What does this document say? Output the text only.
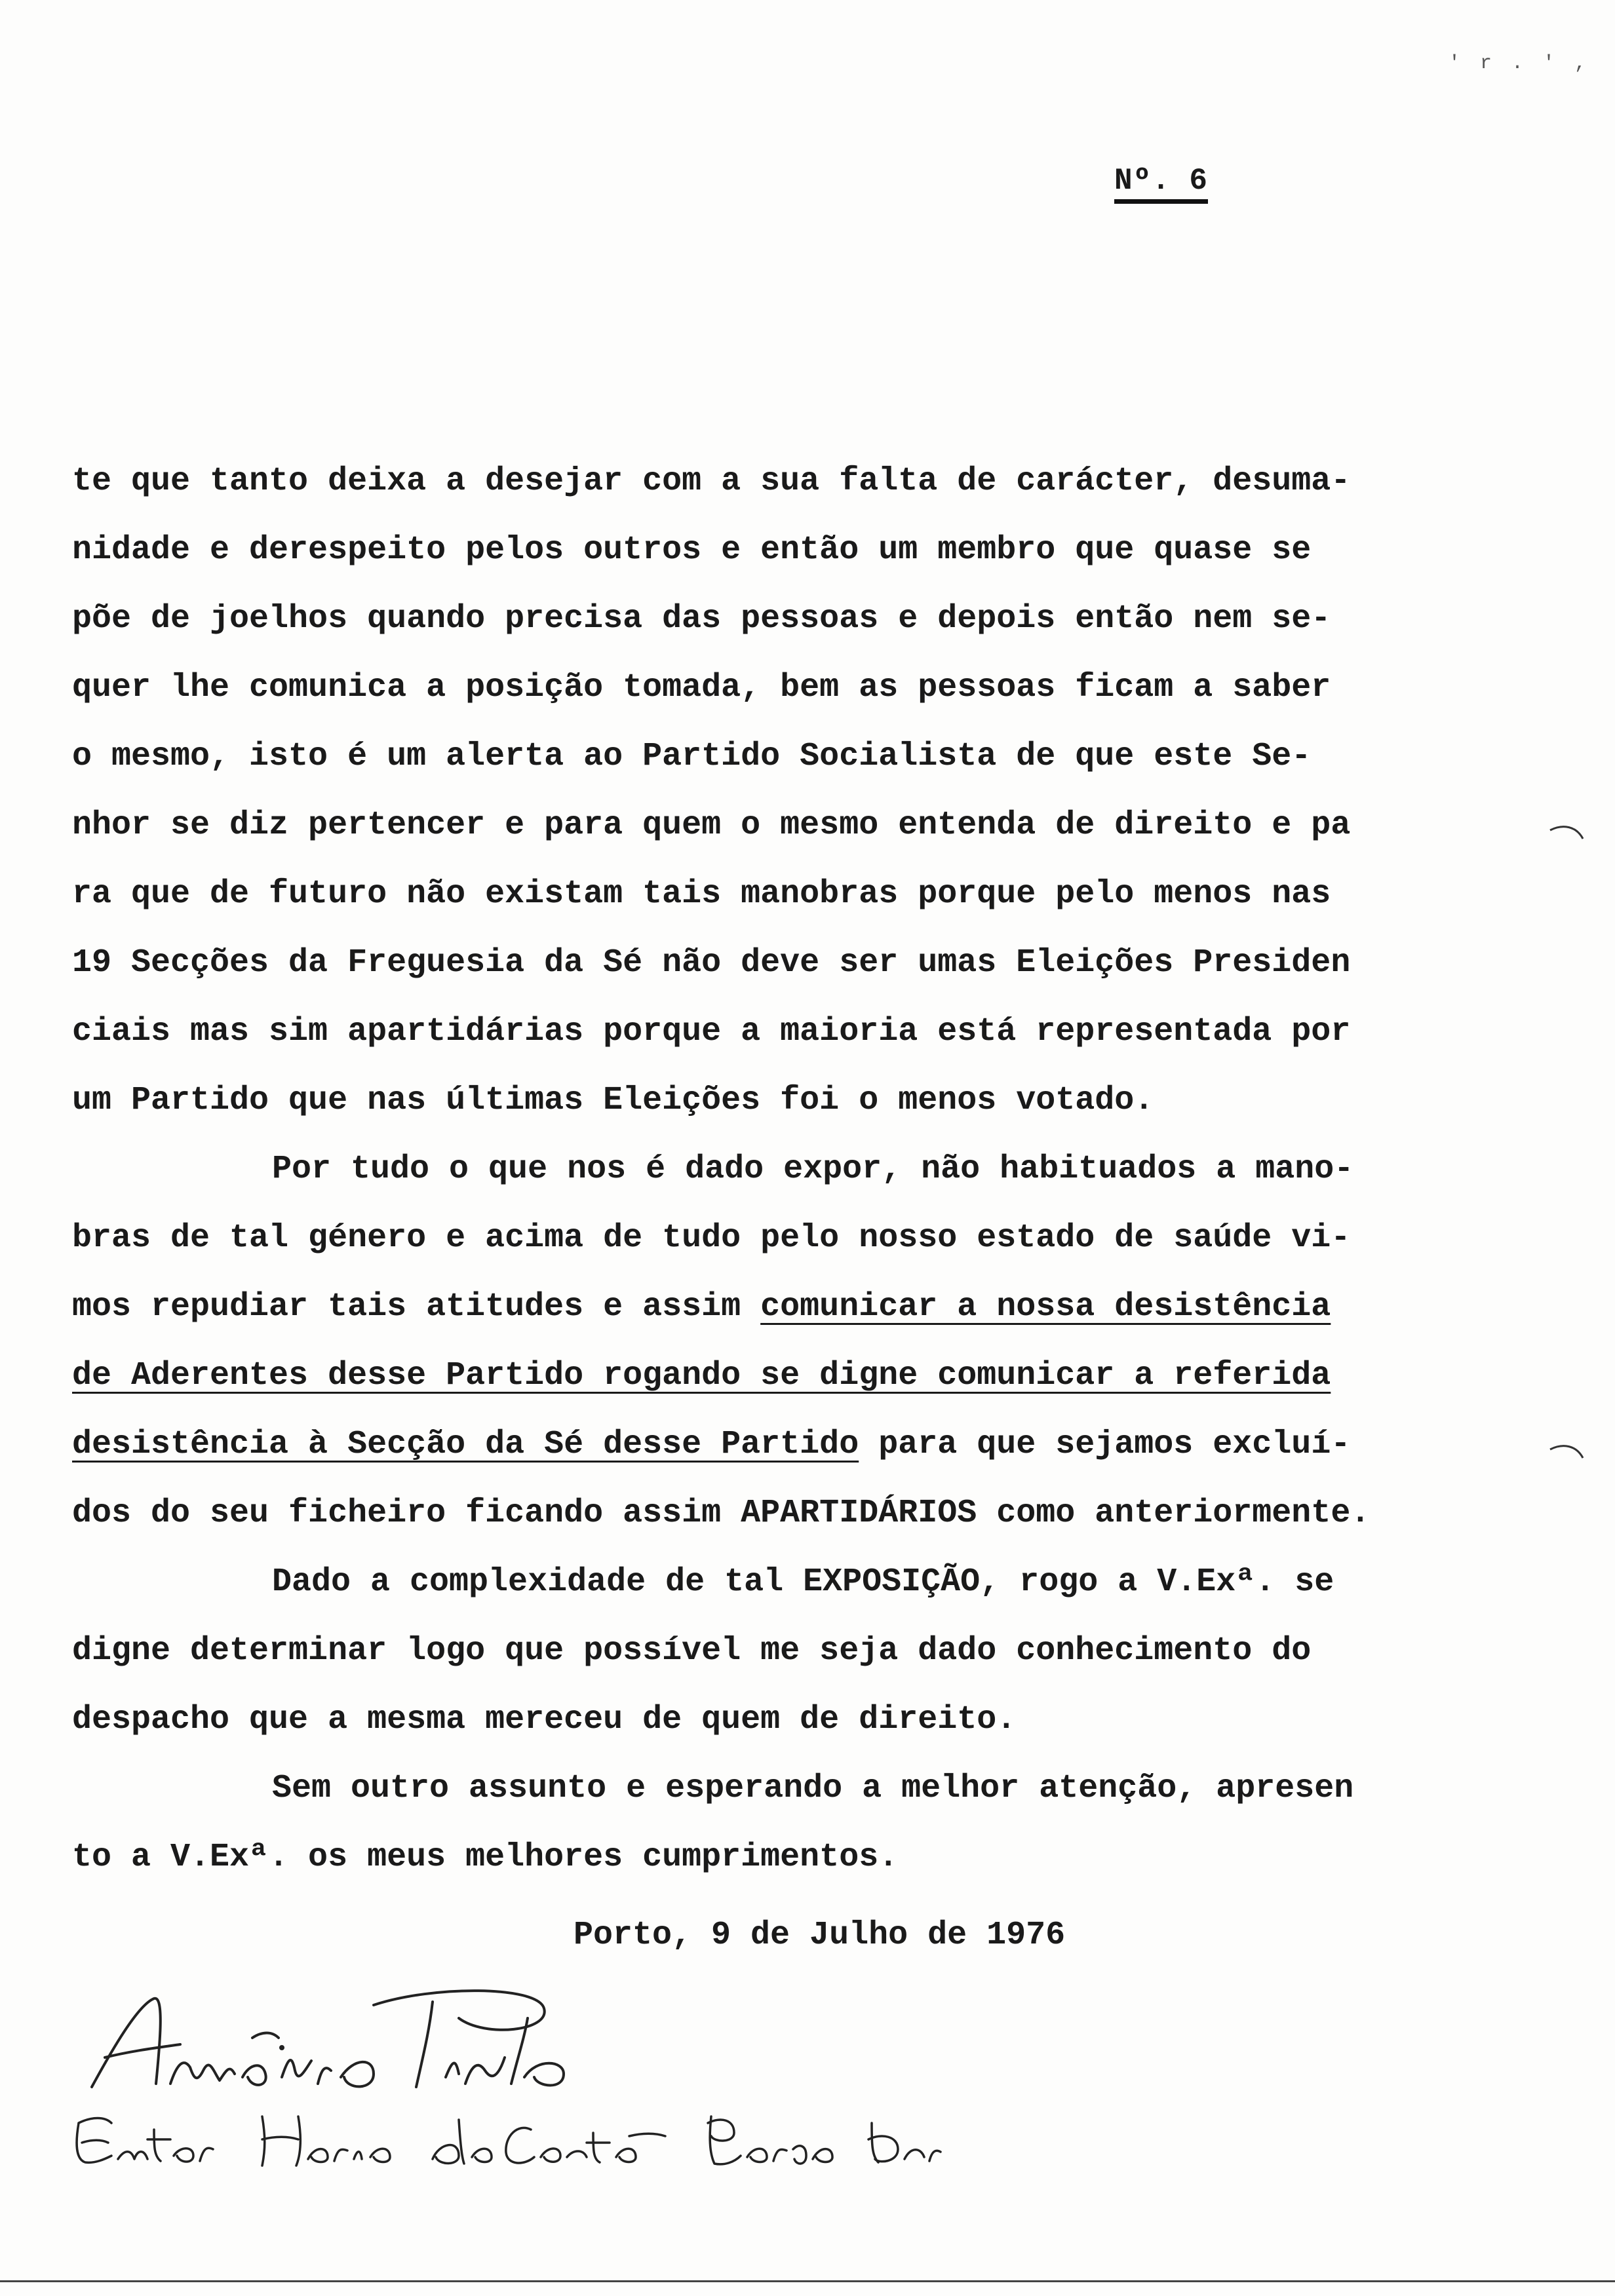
' r . ' ,
Nº. 6
te que tanto deixa a desejar com a sua falta de carácter, desuma-
nidade e derespeito pelos outros e então um membro que quase se
põe de joelhos quando precisa das pessoas e depois então nem se-
quer lhe comunica a posição tomada, bem as pessoas ficam a saber
o mesmo, isto é um alerta ao Partido Socialista de que este Se-
nhor se diz pertencer e para quem o mesmo entenda de direito e pa
ra que de futuro não existam tais manobras porque pelo menos nas
19 Secções da Freguesia da Sé não deve ser umas Eleições Presiden
ciais mas sim apartidárias porque a maioria está representada por
um Partido que nas últimas Eleições foi o menos votado.
Por tudo o que nos é dado expor, não habituados a mano-
bras de tal género e acima de tudo pelo nosso estado de saúde vi-
mos repudiar tais atitudes e assim comunicar a nossa desistência
de Aderentes desse Partido rogando se digne comunicar a referida
desistência à Secção da Sé desse Partido para que sejamos excluí-
dos do seu ficheiro ficando assim APARTIDÁRIOS como anteriormente.
Dado a complexidade de tal EXPOSIÇÃO, rogo a V.Exª. se
digne determinar logo que possível me seja dado conhecimento do
despacho que a mesma mereceu de quem de direito.
Sem outro assunto e esperando a melhor atenção, apresen
to a V.Exª. os meus melhores cumprimentos.
Porto, 9 de Julho de 1976
